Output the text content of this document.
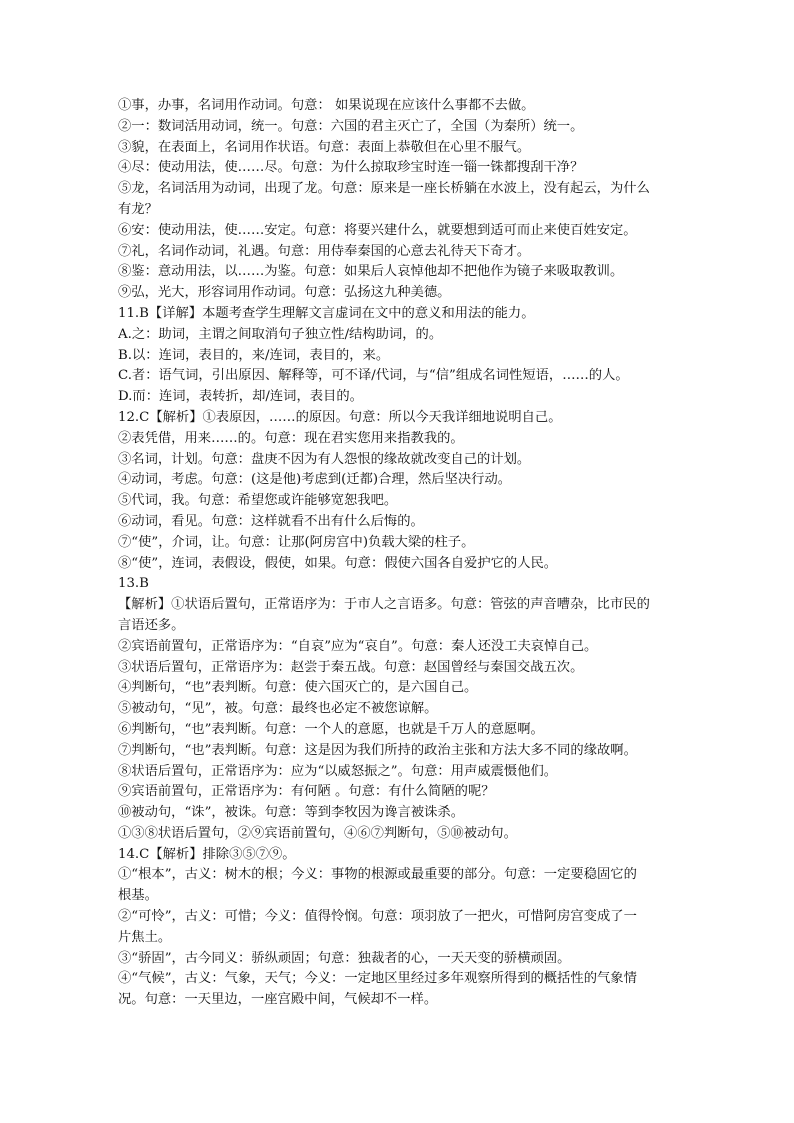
①事，办事，名词用作动词。句意： 如果说现在应该什么事都不去做。
②一：数词活用动词，统一。句意：六国的君主灭亡了，全国（为秦所）统一。
③貌，在表面上，名词用作状语。句意：表面上恭敬但在心里不服气。
④尽：使动用法，使……尽。句意：为什么掠取珍宝时连一锱一铢都搜刮干净？
⑤龙，名词活用为动词，出现了龙。句意：原来是一座长桥躺在水波上，没有起云，为什么
有龙？
⑥安：使动用法，使……安定。句意：将要兴建什么，就要想到适可而止来使百姓安定。
⑦礼，名词作动词，礼遇。句意：用侍奉秦国的心意去礼待天下奇才。
⑧鉴：意动用法，以……为鉴。句意：如果后人哀悼他却不把他作为镜子来吸取教训。
⑨弘，光大，形容词用作动词。句意：弘扬这九种美德。
11.B【详解】本题考查学生理解文言虚词在文中的意义和用法的能力。
A.之：助词，主谓之间取消句子独立性/结构助词，的。
B.以：连词，表目的，来/连词，表目的，来。
C.者：语气词，引出原因、解释等，可不译/代词，与“信”组成名词性短语，……的人。
D.而：连词，表转折，却/连词，表目的。
12.C【解析】①表原因，……的原因。句意：所以今天我详细地说明自己。
②表凭借，用来……的。句意：现在君实您用来指教我的。
③名词，计划。句意：盘庚不因为有人怨恨的缘故就改变自己的计划。
④动词，考虑。句意：(这是他)考虑到(迁都)合理，然后坚决行动。
⑤代词，我。句意：希望您或许能够宽恕我吧。
⑥动词，看见。句意：这样就看不出有什么后悔的。
⑦“使”，介词，让。句意：让那(阿房宫中)负载大梁的柱子。
⑧“使”，连词，表假设，假使，如果。句意：假使六国各自爱护它的人民。
13.B
【解析】①状语后置句，正常语序为：于市人之言语多。句意：管弦的声音嘈杂，比市民的
言语还多。
②宾语前置句，正常语序为：“自哀”应为“哀自”。句意：秦人还没工夫哀悼自己。
③状语后置句，正常语序为：赵尝于秦五战。句意：赵国曾经与秦国交战五次。
④判断句，“也”表判断。句意：使六国灭亡的，是六国自己。
⑤被动句，“见”，被。句意：最终也必定不被您谅解。
⑥判断句，“也”表判断。句意：一个人的意愿，也就是千万人的意愿啊。
⑦判断句，“也”表判断。句意：这是因为我们所持的政治主张和方法大多不同的缘故啊。
⑧状语后置句，正常语序为：应为“以威怒振之”。句意：用声威震慑他们。
⑨宾语前置句，正常语序为：有何陋 。句意：有什么简陋的呢？
⑩被动句，“诛”，被诛。句意：等到李牧因为谗言被诛杀。
①③⑧状语后置句，②⑨宾语前置句，④⑥⑦判断句，⑤⑩被动句。
14.C【解析】排除③⑤⑦⑨。
①“根本”，古义：树木的根；今义：事物的根源或最重要的部分。句意：一定要稳固它的
根基。
②“可怜”，古义：可惜；今义：值得怜悯。句意：项羽放了一把火，可惜阿房宫变成了一
片焦土。
③“骄固”，古今同义：骄纵顽固；句意：独裁者的心，一天天变的骄横顽固。
④“气候”，古义：气象，天气；今义：一定地区里经过多年观察所得到的概括性的气象情
况。句意：一天里边，一座宫殿中间，气候却不一样。
